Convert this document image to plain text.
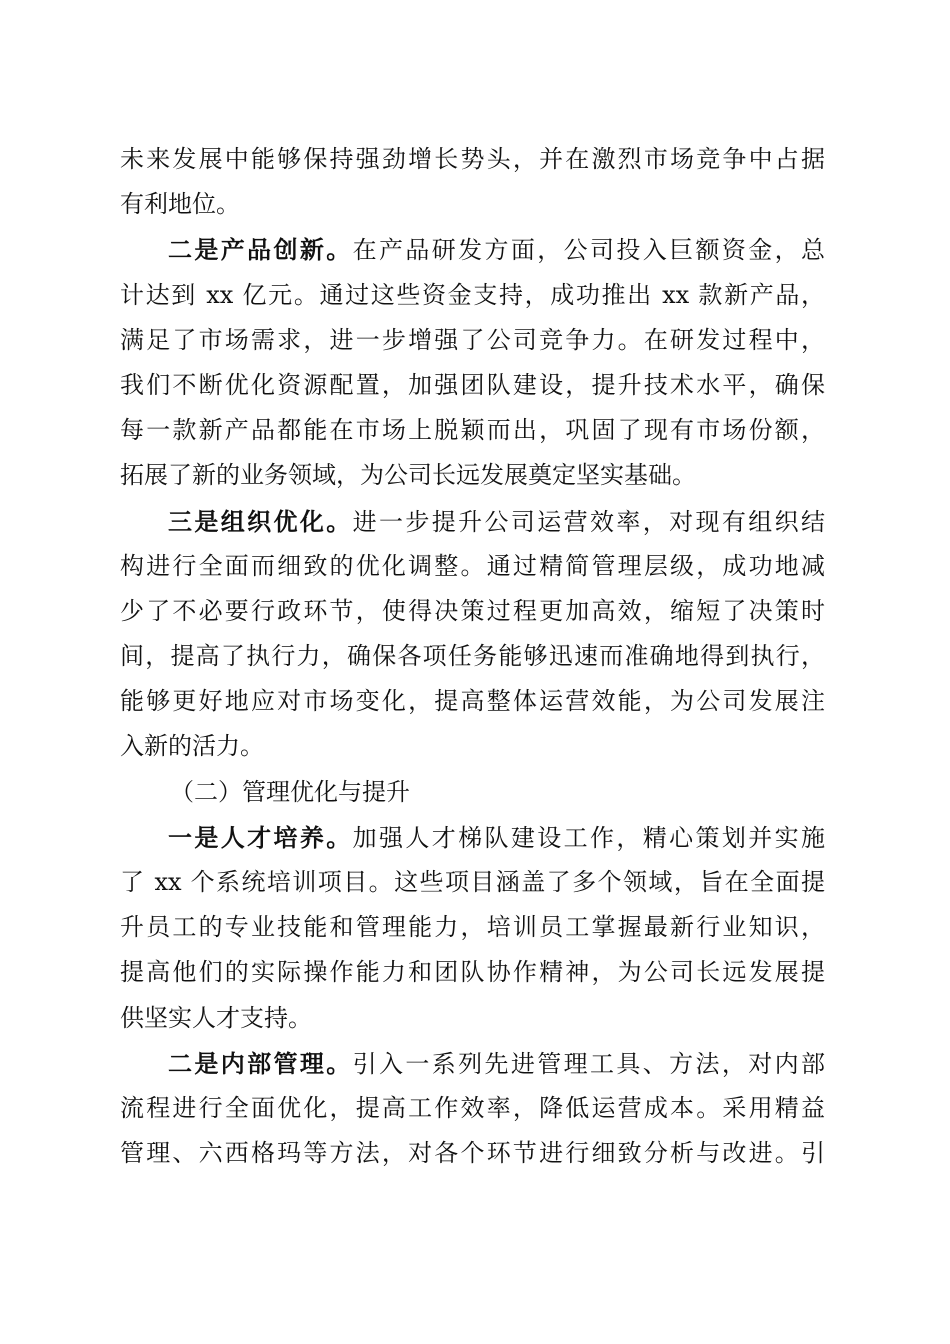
未来发展中能够保持强劲增长势头，并在激烈市场竞争中占据
有利地位。
二是产品创新。在产品研发方面，公司投入巨额资金，总
计达到 xx 亿元。通过这些资金支持，成功推出 xx 款新产品，
满足了市场需求，进一步增强了公司竞争力。在研发过程中，
我们不断优化资源配置，加强团队建设，提升技术水平，确保
每一款新产品都能在市场上脱颖而出，巩固了现有市场份额，
拓展了新的业务领域，为公司长远发展奠定坚实基础。
三是组织优化。进一步提升公司运营效率，对现有组织结
构进行全面而细致的优化调整。通过精简管理层级，成功地减
少了不必要行政环节，使得决策过程更加高效，缩短了决策时
间，提高了执行力，确保各项任务能够迅速而准确地得到执行，
能够更好地应对市场变化，提高整体运营效能，为公司发展注
入新的活力。
（二）管理优化与提升
一是人才培养。加强人才梯队建设工作，精心策划并实施
了 xx 个系统培训项目。这些项目涵盖了多个领域，旨在全面提
升员工的专业技能和管理能力，培训员工掌握最新行业知识，
提高他们的实际操作能力和团队协作精神，为公司长远发展提
供坚实人才支持。
二是内部管理。引入一系列先进管理工具、方法，对内部
流程进行全面优化，提高工作效率，降低运营成本。采用精益
管理、六西格玛等方法，对各个环节进行细致分析与改进。引
